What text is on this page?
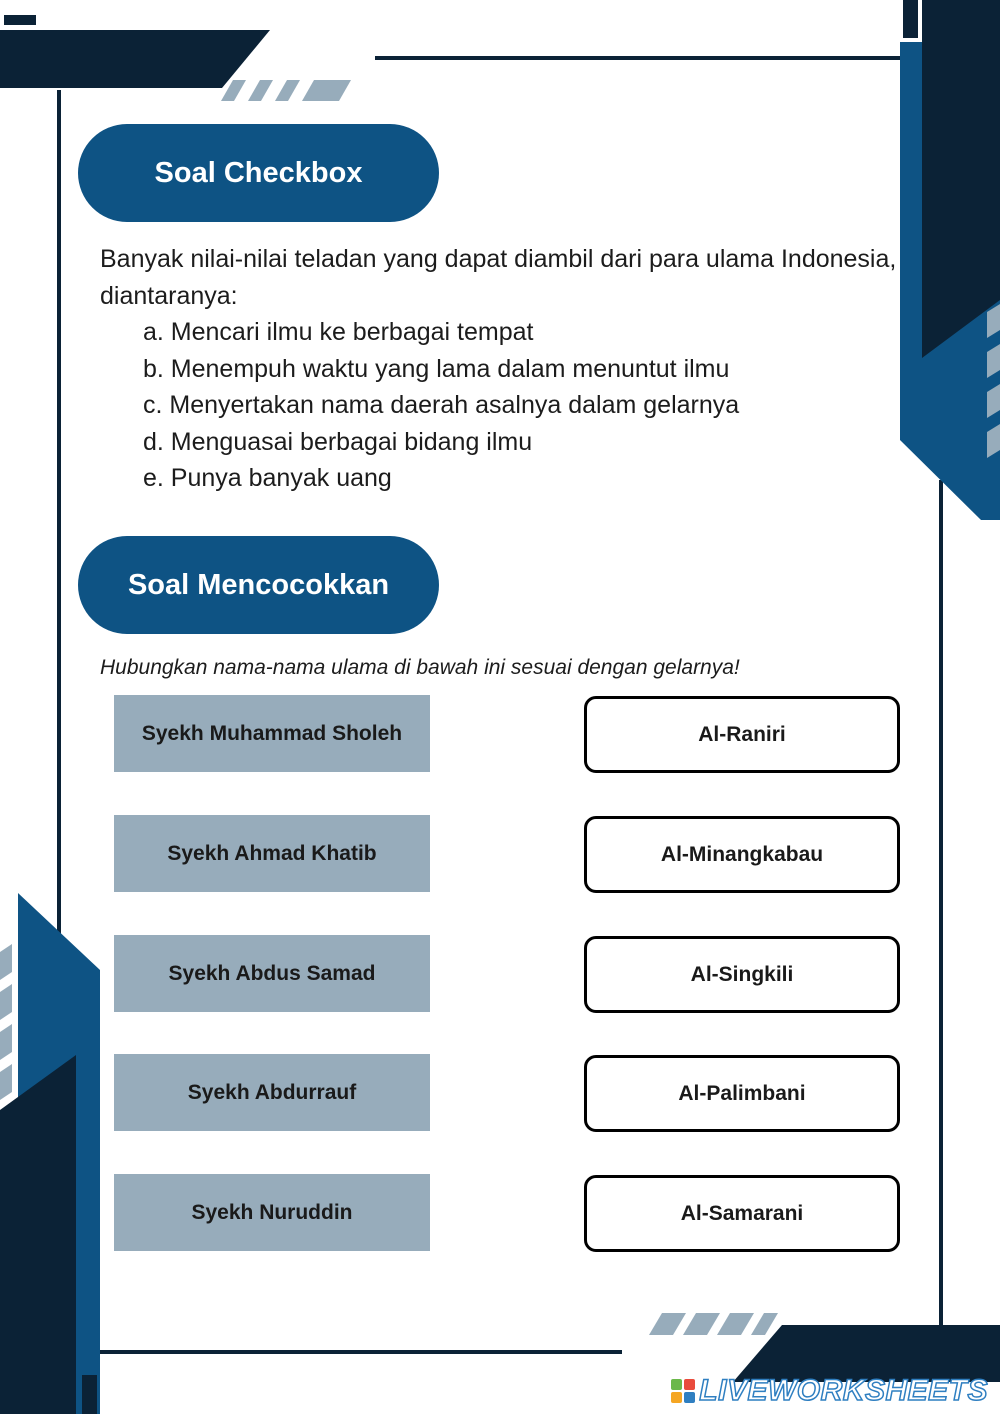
Soal Checkbox

Banyak nilai-nilai teladan yang dapat diambil dari para ulama Indonesia, diantaranya:

a. Mencari ilmu ke berbagai tempat
b. Menempuh waktu yang lama dalam menuntut ilmu
c. Menyertakan nama daerah asalnya dalam gelarnya
d. Menguasai berbagai bidang ilmu
e. Punya banyak uang
Soal Mencocokkan
Hubungkan nama-nama ulama di bawah ini sesuai dengan gelarnya!
Syekh Muhammad Sholeh
Syekh Ahmad Khatib
Syekh Abdus Samad
Syekh Abdurrauf
Syekh Nuruddin
Al-Raniri
Al-Minangkabau
Al-Singkili
Al-Palimbani
Al-Samarani
LIVEWORKSHEETS
